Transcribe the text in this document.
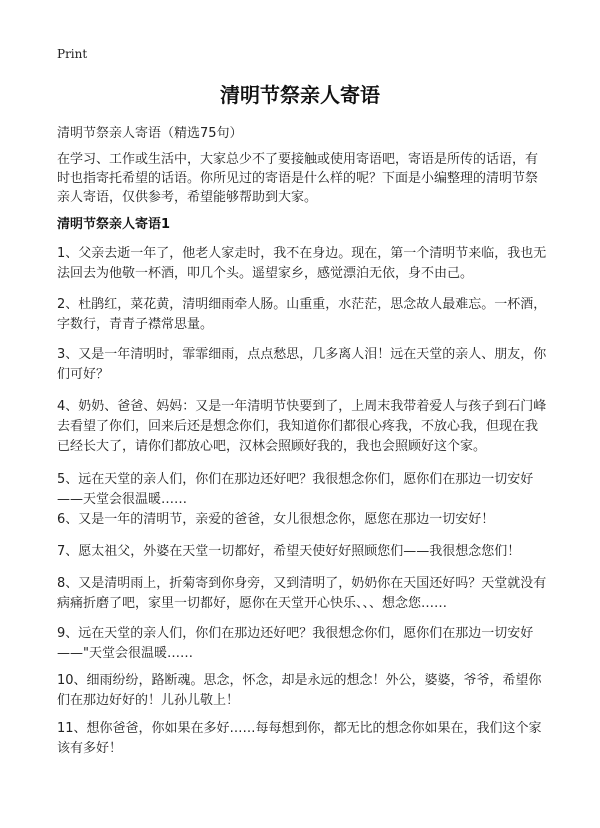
Print
清明节祭亲人寄语
清明节祭亲人寄语（精选75句）
在学习、工作或生活中，大家总少不了要接触或使用寄语吧，寄语是所传的话语，有时也指寄托希望的话语。你所见过的寄语是什么样的呢？下面是小编整理的清明节祭亲人寄语，仅供参考，希望能够帮助到大家。
清明节祭亲人寄语1
1、父亲去逝一年了，他老人家走时，我不在身边。现在，第一个清明节来临，我也无法回去为他敬一杯酒，叩几个头。遥望家乡，感觉漂泊无依，身不由己。
2、杜鹃红，菜花黄，清明细雨牵人肠。山重重，水茫茫，思念故人最难忘。一杯酒，字数行，青青子襟常思量。
3、又是一年清明时，霏霏细雨，点点愁思，几多离人泪！远在天堂的亲人、朋友，你们可好？
4、奶奶、爸爸、妈妈：又是一年清明节快要到了，上周末我带着爱人与孩子到石门峰去看望了你们，回来后还是想念你们，我知道你们都很心疼我，不放心我，但现在我已经长大了，请你们都放心吧，汉林会照顾好我的，我也会照顾好这个家。
5、远在天堂的亲人们，你们在那边还好吧？我很想念你们，愿你们在那边一切安好——天堂会很温暖……
6、又是一年的清明节，亲爱的爸爸，女儿很想念你，愿您在那边一切安好！
7、愿太祖父，外婆在天堂一切都好，希望天使好好照顾您们——我很想念您们！
8、又是清明雨上，折菊寄到你身旁，又到清明了，奶奶你在天国还好吗？天堂就没有病痛折磨了吧，家里一切都好，愿你在天堂开心快乐、、、想念您……
9、远在天堂的亲人们，你们在那边还好吧？我很想念你们，愿你们在那边一切安好——"天堂会很温暖……
10、细雨纷纷，路断魂。思念，怀念，却是永远的想念！外公，婆婆，爷爷，希望你们在那边好好的！儿孙儿敬上！
11、想你爸爸，你如果在多好……每每想到你，都无比的想念你如果在，我们这个家该有多好！
